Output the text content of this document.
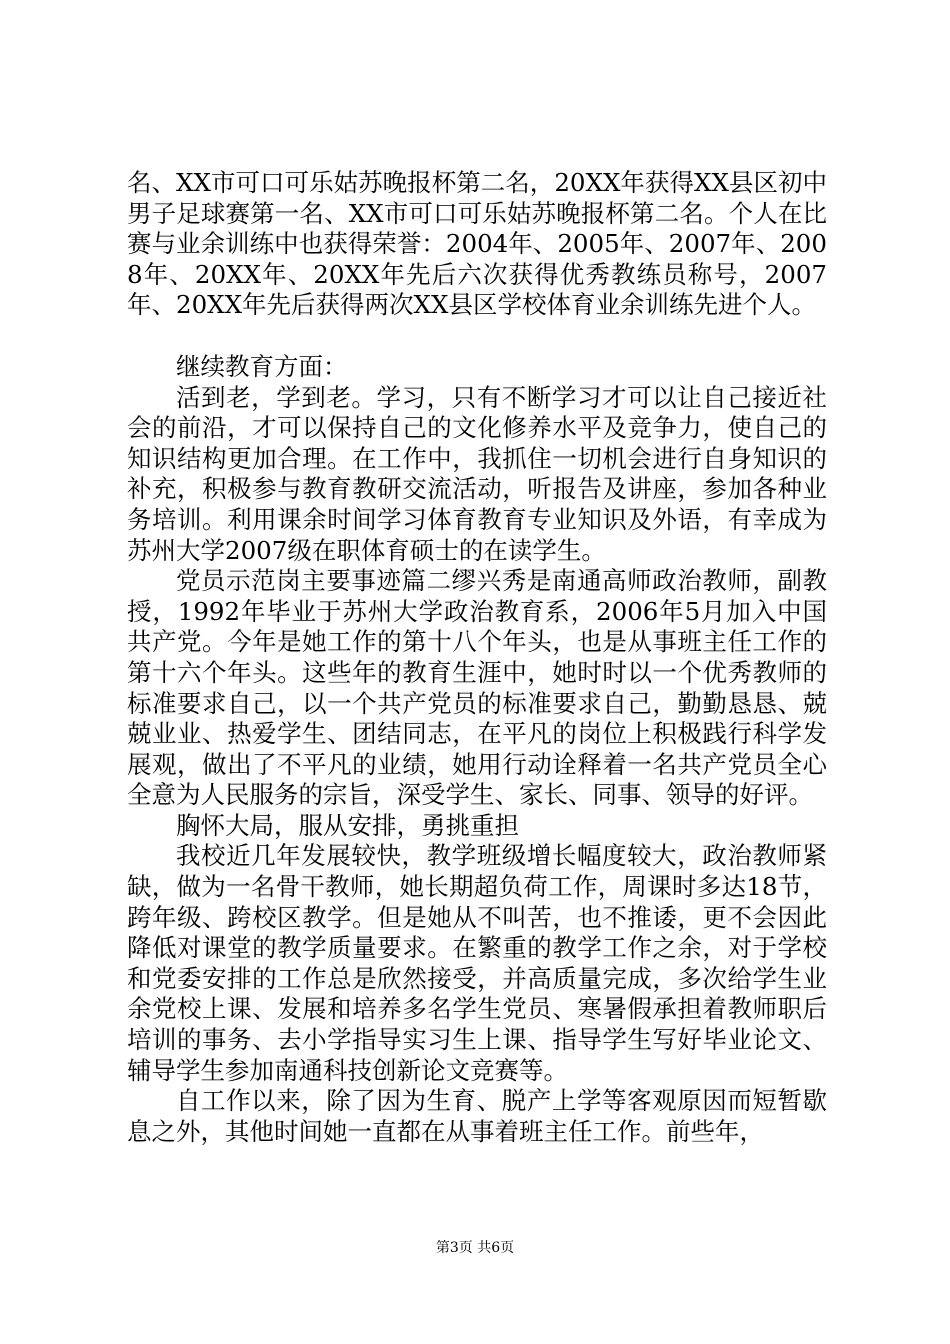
名、XX市可口可乐姑苏晚报杯第二名，20XX年获得XX县区初中男子足球赛第一名、XX市可口可乐姑苏晚报杯第二名。个人在比赛与业余训练中也获得荣誉：2004年、2005年、2007年、2008年、20XX年、20XX年先后六次获得优秀教练员称号，2007年、20XX年先后获得两次XX县区学校体育业余训练先进个人。

继续教育方面：

活到老，学到老。学习，只有不断学习才可以让自己接近社会的前沿，才可以保持自己的文化修养水平及竞争力，使自己的知识结构更加合理。在工作中，我抓住一切机会进行自身知识的补充，积极参与教育教研交流活动，听报告及讲座，参加各种业务培训。利用课余时间学习体育教育专业知识及外语，有幸成为苏州大学2007级在职体育硕士的在读学生。

党员示范岗主要事迹篇二缪兴秀是南通高师政治教师，副教授，1992年毕业于苏州大学政治教育系，2006年5月加入中国共产党。今年是她工作的第十八个年头，也是从事班主任工作的第十六个年头。这些年的教育生涯中，她时时以一个优秀教师的标准要求自己，以一个共产党员的标准要求自己，勤勤恳恳、兢兢业业、热爱学生、团结同志，在平凡的岗位上积极践行科学发展观，做出了不平凡的业绩，她用行动诠释着一名共产党员全心全意为人民服务的宗旨，深受学生、家长、同事、领导的好评。

胸怀大局，服从安排，勇挑重担

我校近几年发展较快，教学班级增长幅度较大，政治教师紧缺，做为一名骨干教师，她长期超负荷工作，周课时多达18节，跨年级、跨校区教学。但是她从不叫苦，也不推诿，更不会因此降低对课堂的教学质量要求。在繁重的教学工作之余，对于学校和党委安排的工作总是欣然接受，并高质量完成，多次给学生业余党校上课、发展和培养多名学生党员、寒暑假承担着教师职后培训的事务、去小学指导实习生上课、指导学生写好毕业论文、辅导学生参加南通科技创新论文竞赛等。

自工作以来，除了因为生育、脱产上学等客观原因而短暂歇息之外，其他时间她一直都在从事着班主任工作。前些年，

第3页 共6页
